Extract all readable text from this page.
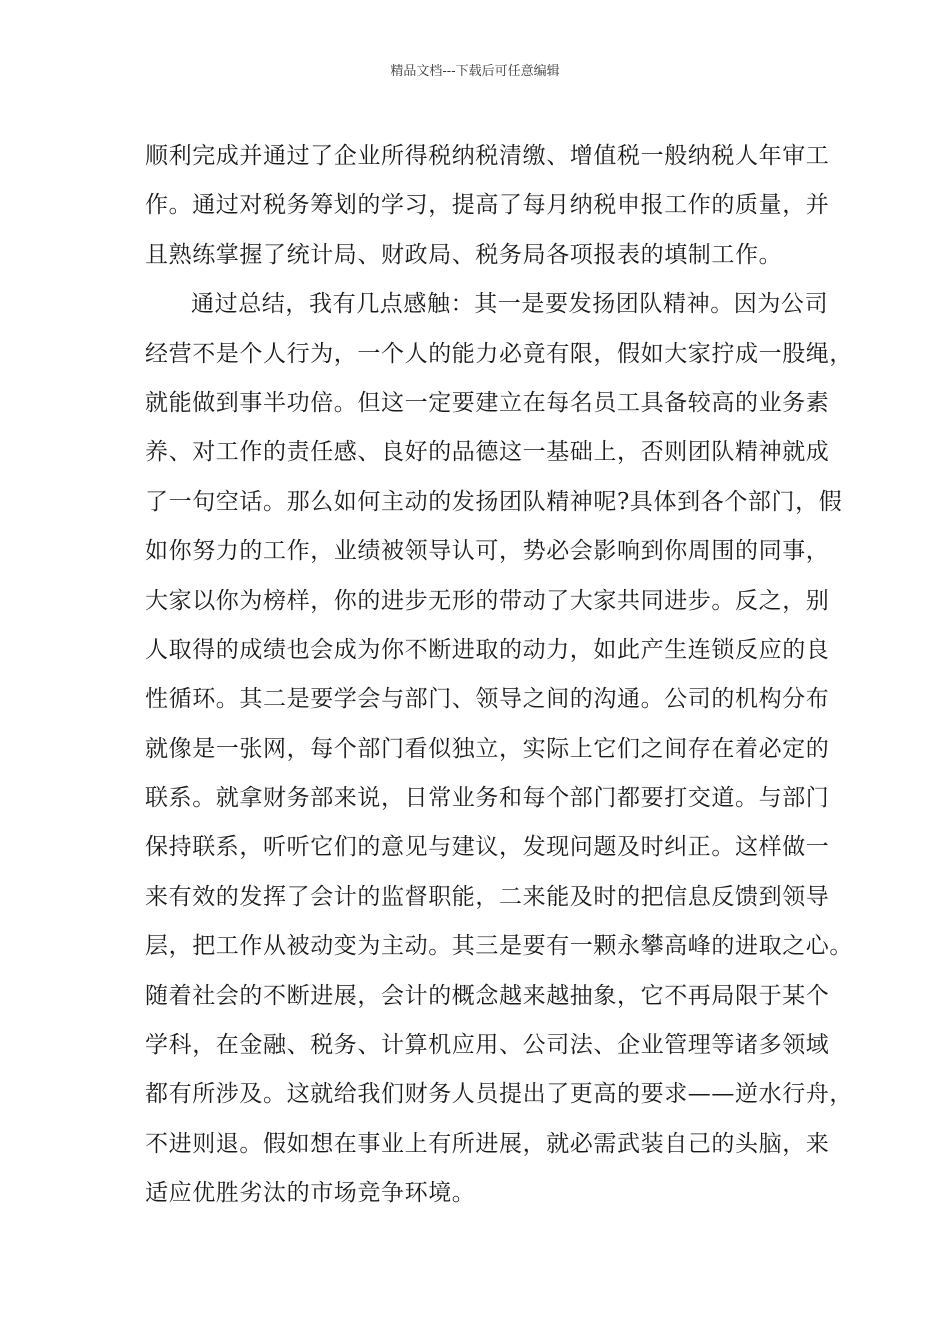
精品文档---下载后可任意编辑
顺利完成并通过了企业所得税纳税清缴、增值税一般纳税人年审工
作。通过对税务筹划的学习，提高了每月纳税申报工作的质量，并
且熟练掌握了统计局、财政局、税务局各项报表的填制工作。
通过总结，我有几点感触：其一是要发扬团队精神。因为公司
经营不是个人行为，一个人的能力必竟有限，假如大家拧成一股绳，
就能做到事半功倍。但这一定要建立在每名员工具备较高的业务素
养、对工作的责任感、良好的品德这一基础上，否则团队精神就成
了一句空话。那么如何主动的发扬团队精神呢?具体到各个部门，假
如你努力的工作，业绩被领导认可，势必会影响到你周围的同事，
大家以你为榜样，你的进步无形的带动了大家共同进步。反之，别
人取得的成绩也会成为你不断进取的动力，如此产生连锁反应的良
性循环。其二是要学会与部门、领导之间的沟通。公司的机构分布
就像是一张网，每个部门看似独立，实际上它们之间存在着必定的
联系。就拿财务部来说，日常业务和每个部门都要打交道。与部门
保持联系，听听它们的意见与建议，发现问题及时纠正。这样做一
来有效的发挥了会计的监督职能，二来能及时的把信息反馈到领导
层，把工作从被动变为主动。其三是要有一颗永攀高峰的进取之心。
随着社会的不断进展，会计的概念越来越抽象，它不再局限于某个
学科，在金融、税务、计算机应用、公司法、企业管理等诸多领域
都有所涉及。这就给我们财务人员提出了更高的要求——逆水行舟，
不进则退。假如想在事业上有所进展，就必需武装自己的头脑，来
适应优胜劣汰的市场竞争环境。
